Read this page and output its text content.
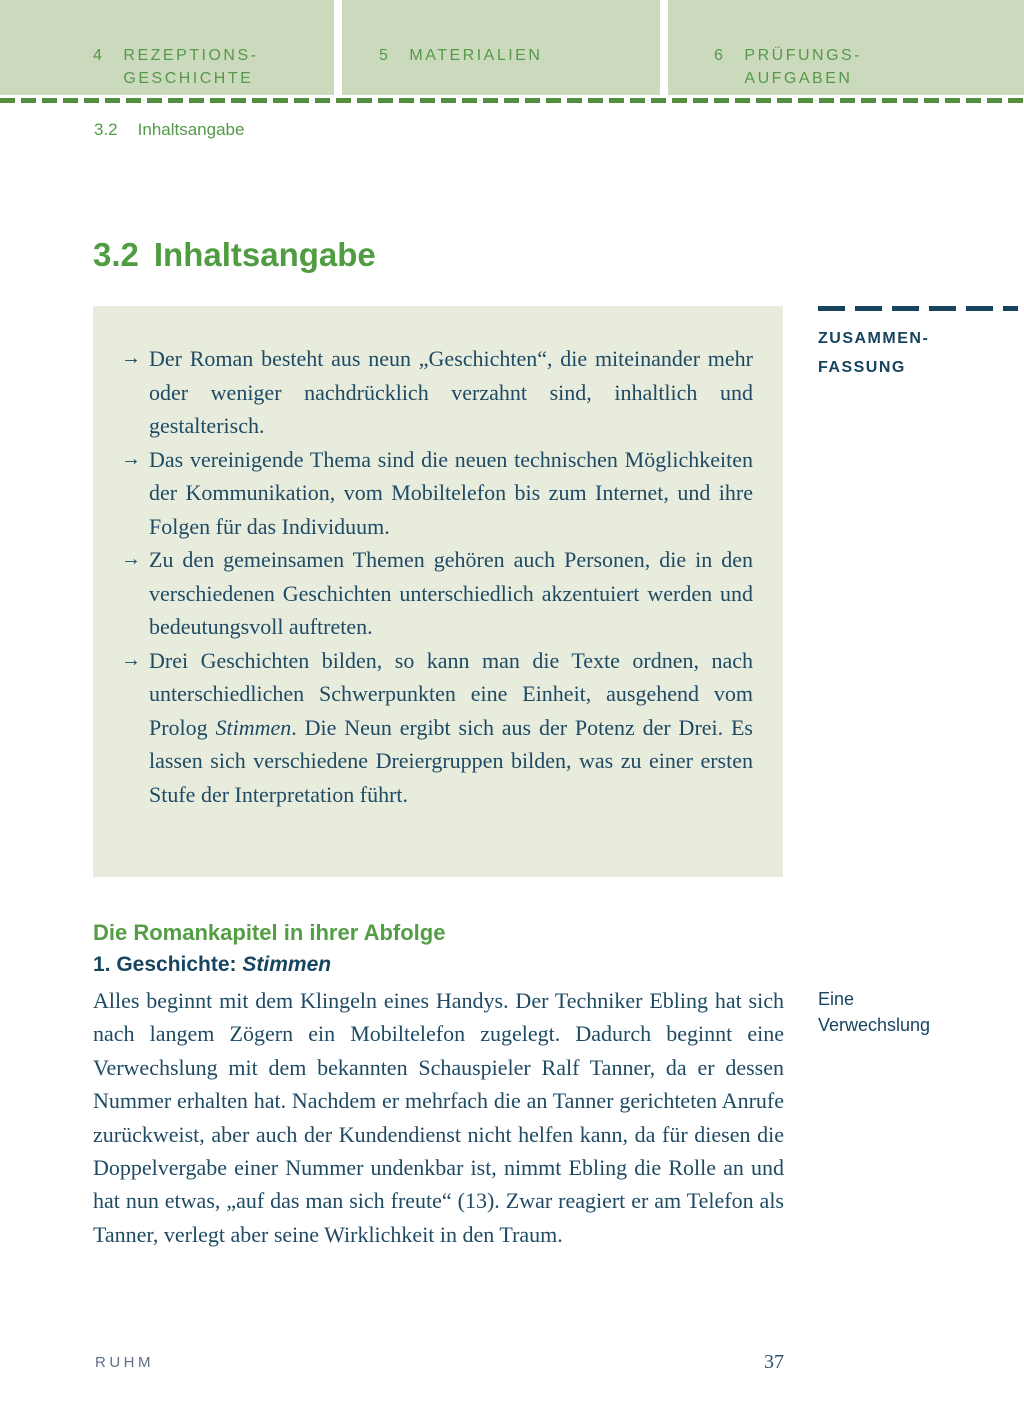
4 REZEPTIONS-
GESCHICHTE
5 MATERIALIEN	6 PRÜFUNGS-
AUFGABEN
3.2 Inhaltsangabe
3.2 Inhaltsangabe
→ Der Roman besteht aus neun „Geschichten“, die miteinander mehr oder weniger nachdrücklich verzahnt sind, inhaltlich und gestalterisch.
→ Das vereinigende Thema sind die neuen technischen Möglichkeiten der Kommunikation, vom Mobiltelefon bis zum Internet, und ihre Folgen für das Individuum.
→ Zu den gemeinsamen Themen gehören auch Personen, die in den verschiedenen Geschichten unterschiedlich akzentuiert werden und bedeutungsvoll auftreten.
→ Drei Geschichten bilden, so kann man die Texte ordnen, nach unterschiedlichen Schwerpunkten eine Einheit, ausgehend vom Prolog Stimmen. Die Neun ergibt sich aus der Potenz der Drei. Es lassen sich verschiedene Dreiergruppen bilden, was zu einer ersten Stufe der Interpretation führt.
ZUSAMMEN-
FASSUNG
Die Romankapitel in ihrer Abfolge
1. Geschichte: Stimmen

Alles beginnt mit dem Klingeln eines Handys. Der Techniker Ebling hat sich nach langem Zögern ein Mobiltelefon zugelegt. Dadurch beginnt eine Verwechslung mit dem bekannten Schauspieler Ralf Tanner, da er dessen Nummer erhalten hat. Nachdem er mehrfach die an Tanner gerichteten Anrufe zurückweist, aber auch der Kundendienst nicht helfen kann, da für diesen die Doppelvergabe einer Nummer undenkbar ist, nimmt Ebling die Rolle an und hat nun etwas, „auf das man sich freute“ (13). Zwar reagiert er am Telefon als Tanner, verlegt aber seine Wirklichkeit in den Traum.

Eine
Verwechslung
RUHM	37
